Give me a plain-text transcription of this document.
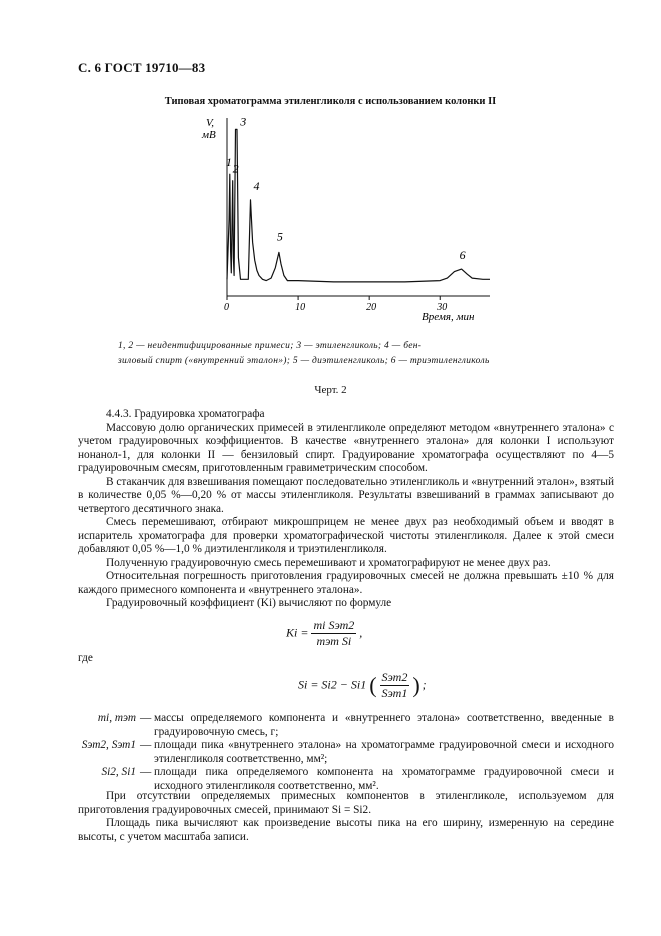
С. 6 ГОСТ 19710—83
Типовая хроматограмма этиленгликоля с использованием колонки II
0	10	20	30
V,
мВ
Время, мин
1 2
3
4
5
6
1, 2 — неидентифицированные примеси; 3 — этиленгликоль; 4 — бен-
зиловый спирт («внутренний эталон»); 5 — диэтиленгликоль; 6 — триэтиленгликоль
Черт. 2

4.4.3. Градуировка хроматографа

Массовую долю органических примесей в этиленгликоле определяют методом «внутреннего эталона» с учетом градуировочных коэффициентов. В качестве «внутреннего эталона» для колонки I используют нонанол-1, для колонки II — бензиловый спирт. Градуирование хроматографа осуществляют по 4—5 градуировочным смесям, приготовленным гравиметрическим способом.

В стаканчик для взвешивания помещают последовательно этиленгликоль и «внутренний эталон», взятый в количестве 0,05 %—0,20 % от массы этиленгликоля. Результаты взвешиваний в граммах записывают до четвертого десятичного знака.

Смесь перемешивают, отбирают микрошприцем не менее двух раз необходимый объем и вводят в испаритель хроматографа для проверки хроматографической чистоты этиленгликоля. Далее к этой смеси добавляют 0,05 %—1,0 % диэтиленгликоля и триэтиленгликоля.

Полученную градуировочную смесь перемешивают и хроматографируют не менее двух раз.

Относительная погрешность приготовления градуировочных смесей не должна превышать ±10 % для каждого примесного компонента и «внутреннего эталона».

Градуировочный коэффициент (Ki) вычисляют по формуле

$Ki = \frac{\text{mi Sэт2}}{\text{mэт Si}}$ ,
где
Si = Si2 − Si1 ( $\frac{\text{Sэт2}}{\text{Sэт1}}$ ) ;
mi, mэт — массы определяемого компонента и «внутреннего эталона» соответственно, введенные в градуировочную смесь, г;
Sэт2, Sэт1 — площади пика «внутреннего эталона» на хроматограмме градуировочной смеси и исходного этиленгликоля соответственно, мм²;
Si2, Si1 — площади пика определяемого компонента на хроматограмме градуировочной смеси и исходного этиленгликоля соответственно, мм².

При отсутствии определяемых примесных компонентов в этиленгликоле, используемом для приготовления градуировочных смесей, принимают Si = Si2.

Площадь пика вычисляют как произведение высоты пика на его ширину, измеренную на середине высоты, с учетом масштаба записи.
